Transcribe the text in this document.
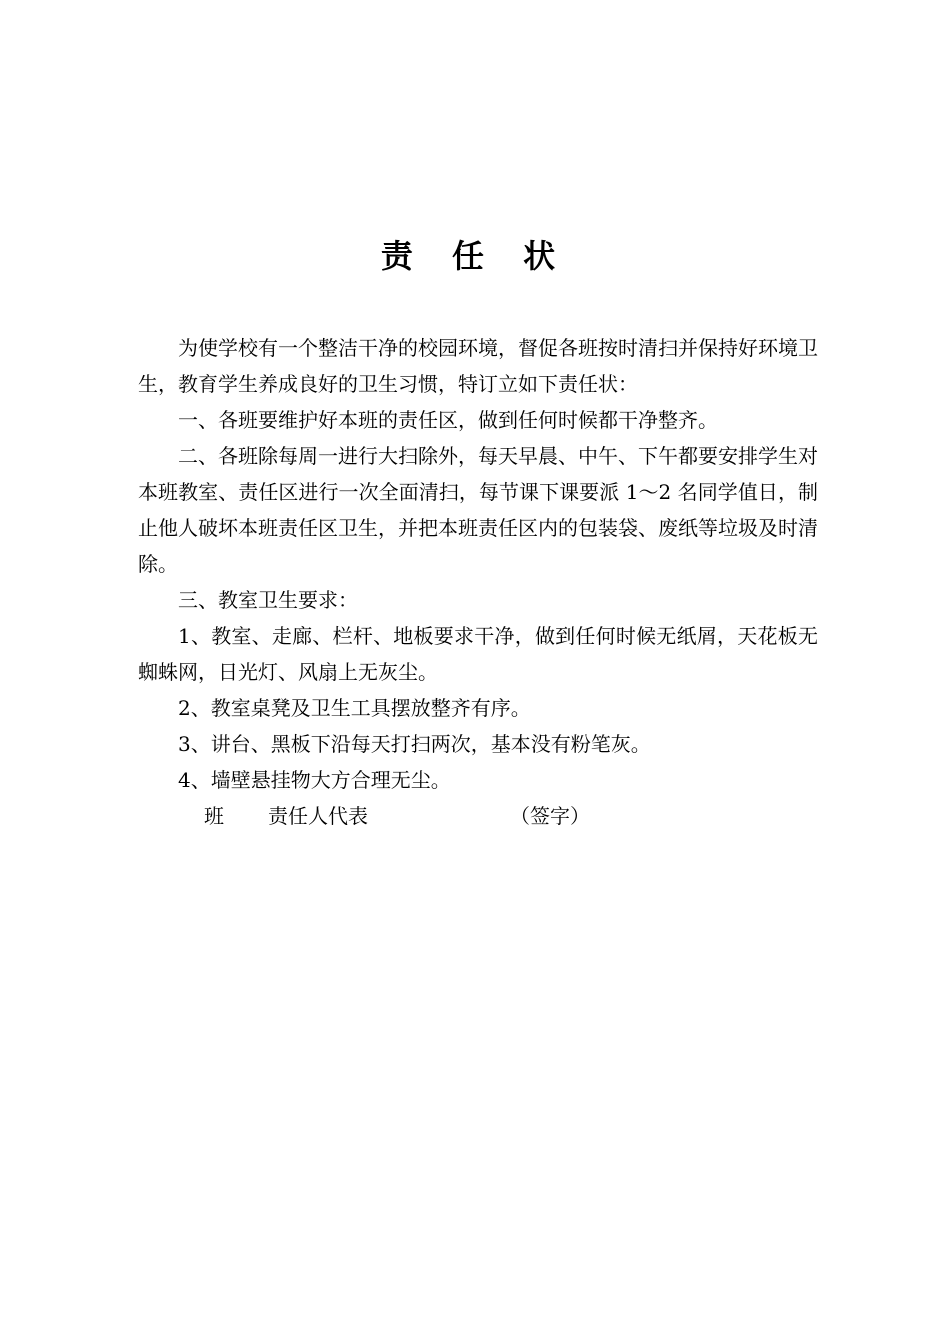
责 任 状

为使学校有一个整洁干净的校园环境，督促各班按时清扫并保持好环境卫生，教育学生养成良好的卫生习惯，特订立如下责任状：

一、各班要维护好本班的责任区，做到任何时候都干净整齐。

二、各班除每周一进行大扫除外，每天早晨、中午、下午都要安排学生对本班教室、责任区进行一次全面清扫，每节课下课要派 1～2 名同学值日，制止他人破坏本班责任区卫生，并把本班责任区内的包装袋、废纸等垃圾及时清除。

三、教室卫生要求：

1、教室、走廊、栏杆、地板要求干净，做到任何时候无纸屑，天花板无蜘蛛网，日光灯、风扇上无灰尘。

2、教室桌凳及卫生工具摆放整齐有序。

3、讲台、黑板下沿每天打扫两次，基本没有粉笔灰。

4、墙壁悬挂物大方合理无尘。

班 责任人代表	（签字）
